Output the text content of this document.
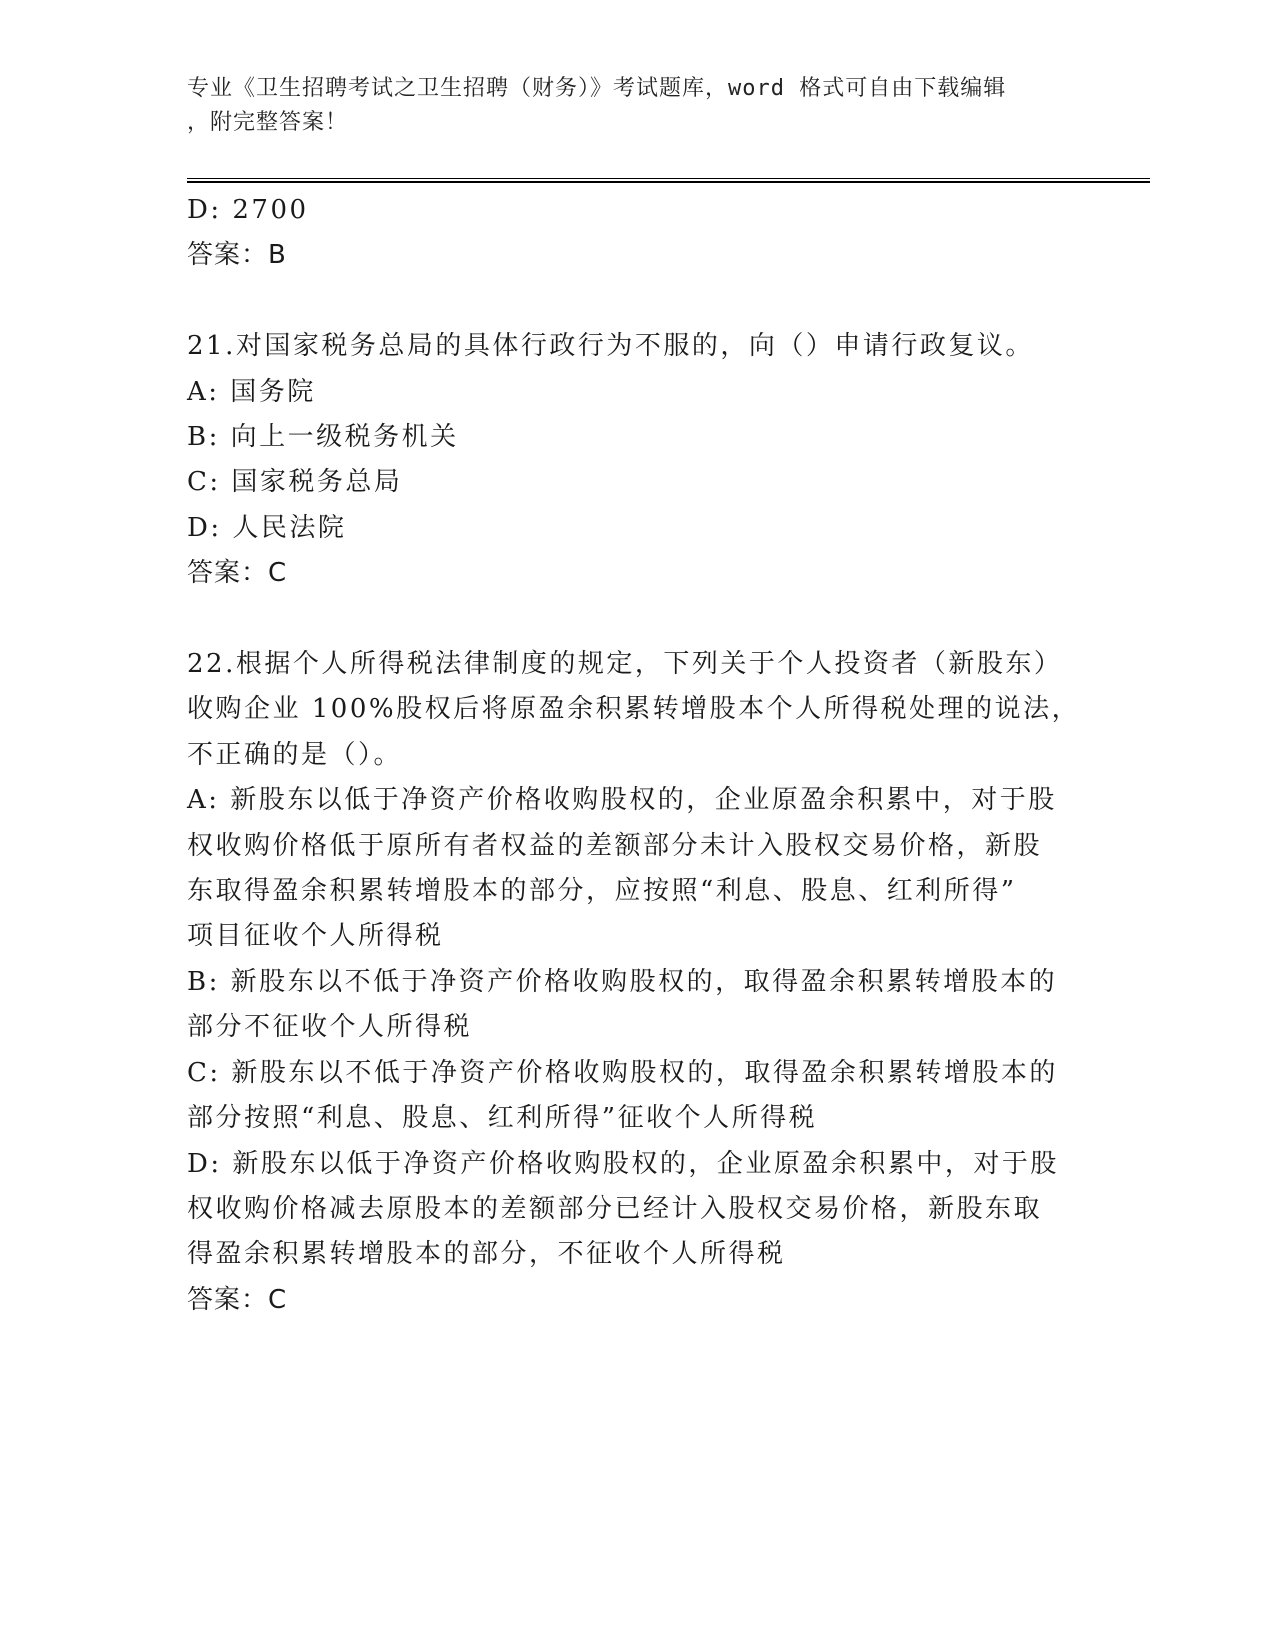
专业《卫生招聘考试之卫生招聘（财务）》考试题库，word 格式可自由下载编辑
，附完整答案！
D: 2700
答案：B
21.对国家税务总局的具体行政行为不服的，向（）申请行政复议。
A: 国务院
B: 向上一级税务机关
C: 国家税务总局
D: 人民法院
答案：C
22.根据个人所得税法律制度的规定，下列关于个人投资者（新股东）
收购企业 100%股权后将原盈余积累转增股本个人所得税处理的说法，
不正确的是（）。
A: 新股东以低于净资产价格收购股权的，企业原盈余积累中，对于股
权收购价格低于原所有者权益的差额部分未计入股权交易价格，新股
东取得盈余积累转增股本的部分，应按照“利息、股息、红利所得”
项目征收个人所得税
B: 新股东以不低于净资产价格收购股权的，取得盈余积累转增股本的
部分不征收个人所得税
C: 新股东以不低于净资产价格收购股权的，取得盈余积累转增股本的
部分按照“利息、股息、红利所得”征收个人所得税
D: 新股东以低于净资产价格收购股权的，企业原盈余积累中，对于股
权收购价格减去原股本的差额部分已经计入股权交易价格，新股东取
得盈余积累转增股本的部分，不征收个人所得税
答案：C
